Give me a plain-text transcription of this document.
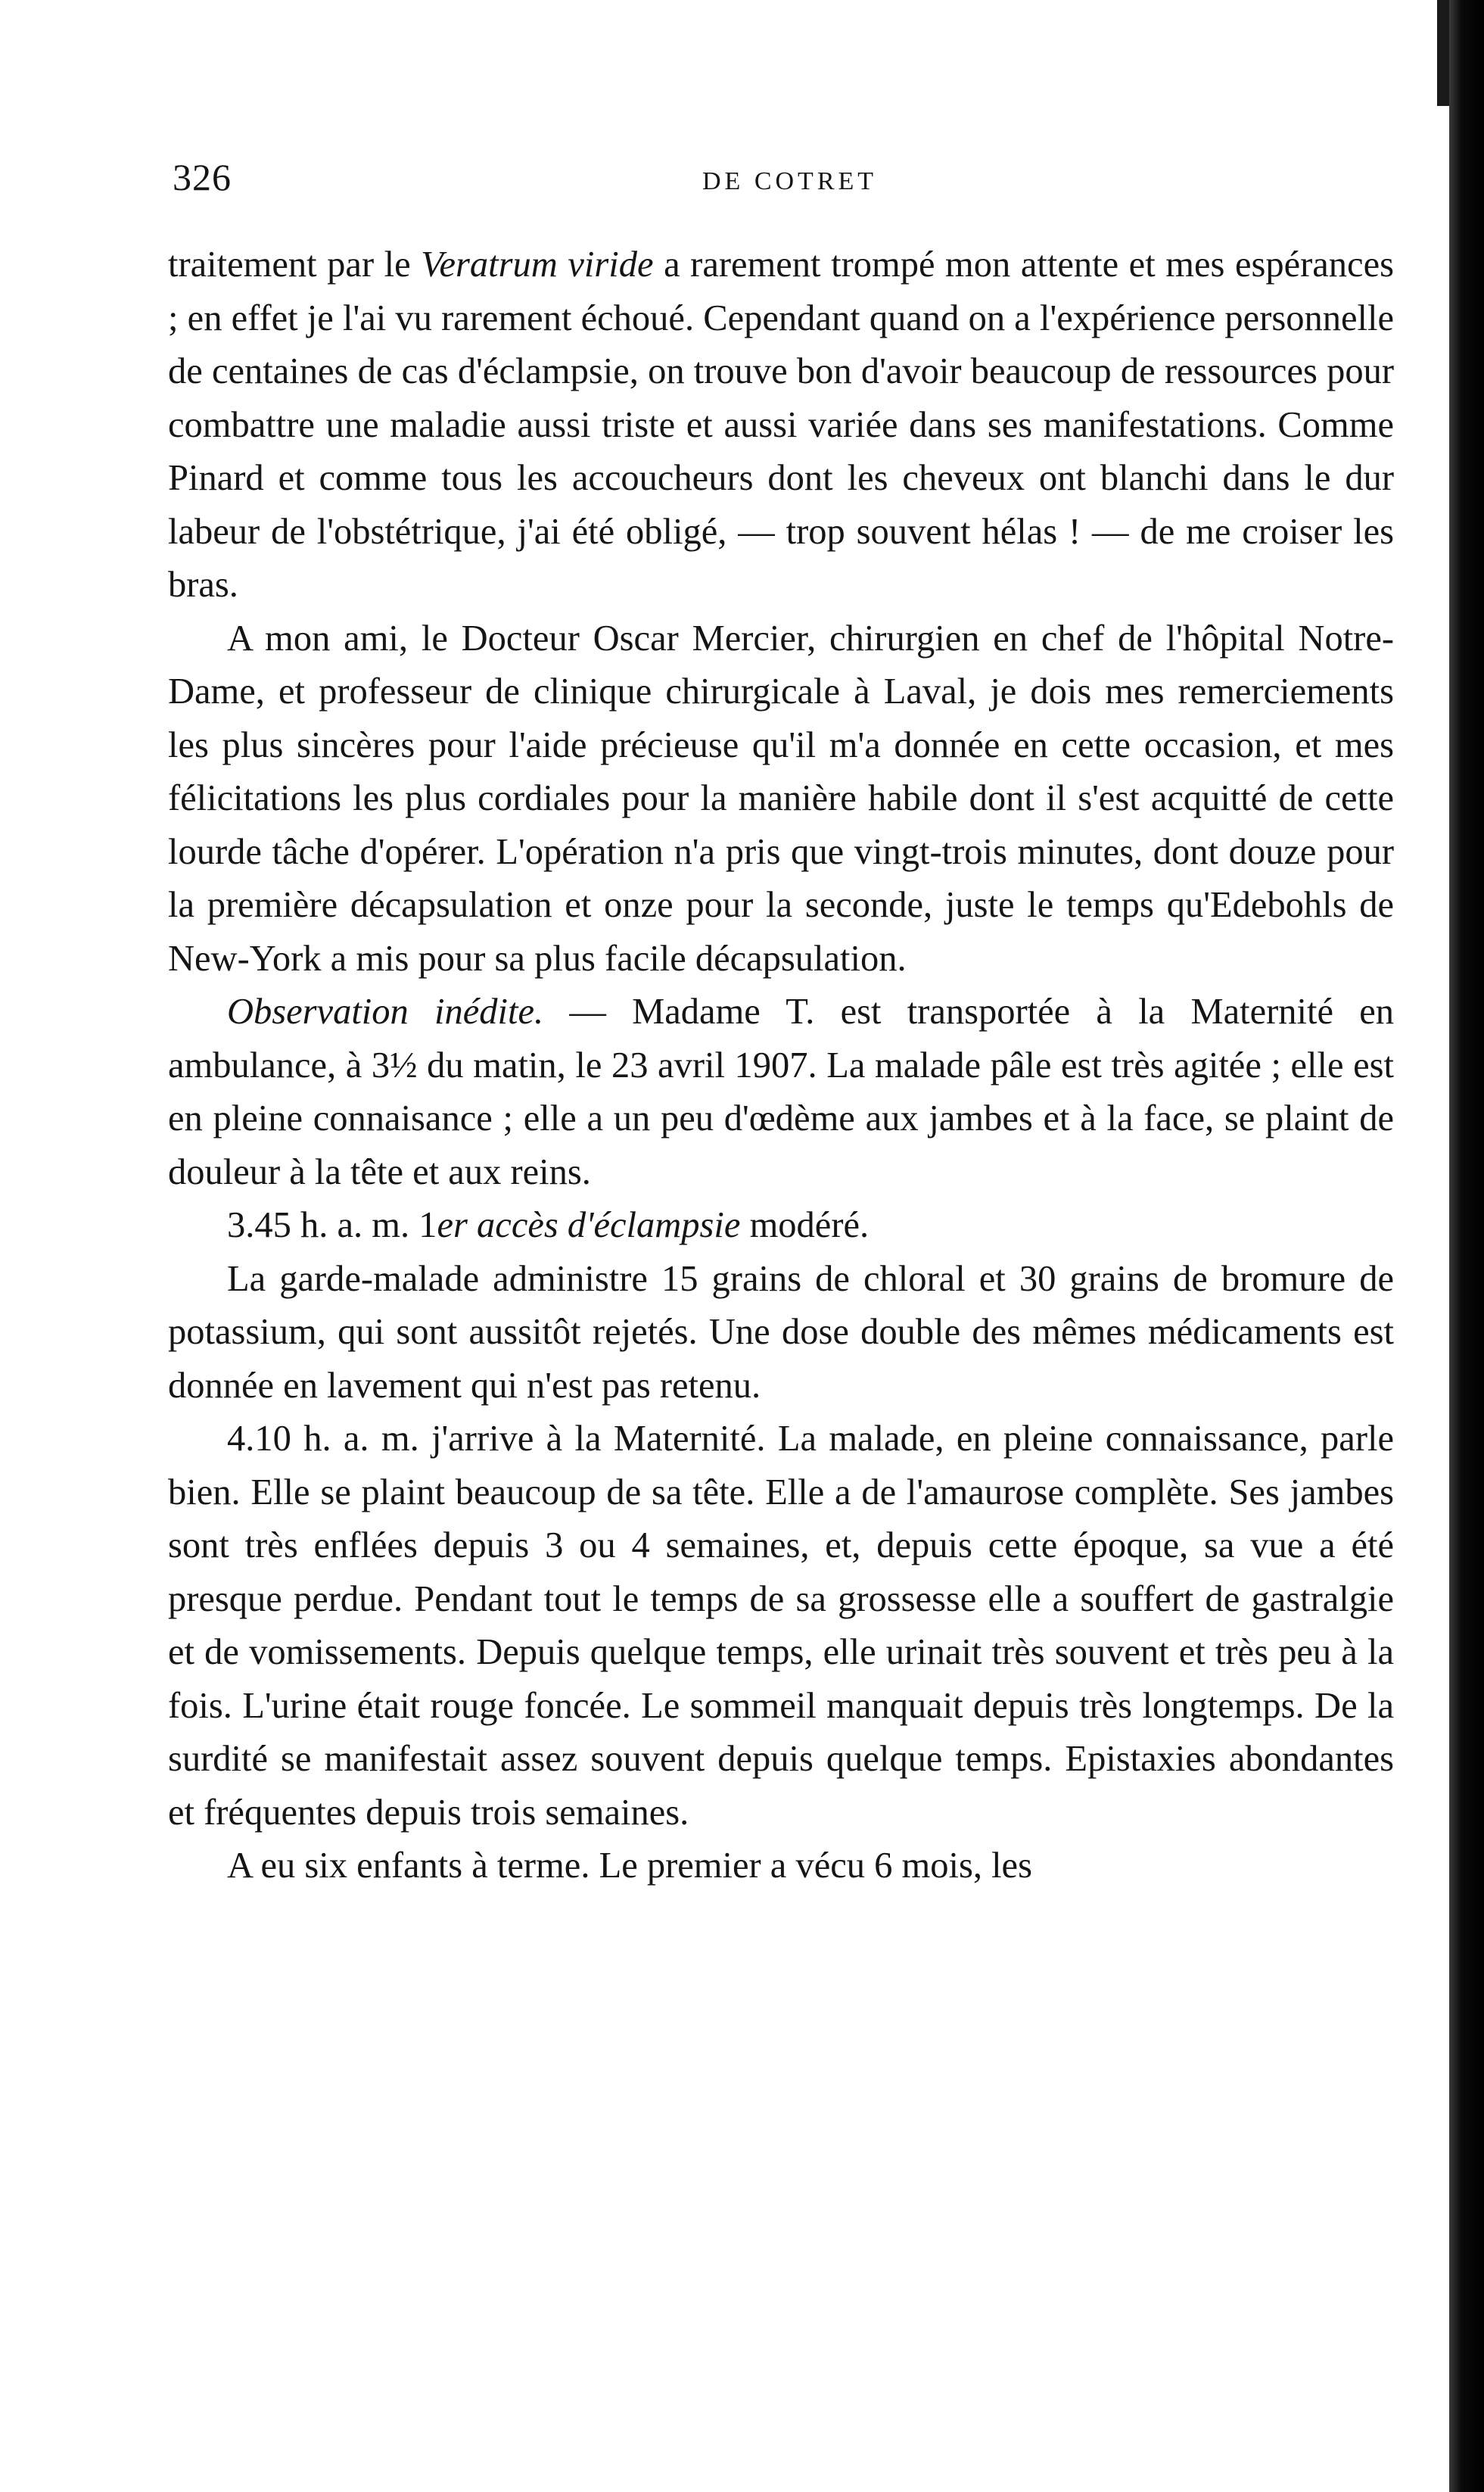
326	DE COTRET

traitement par le Veratrum viride a rarement trompé mon attente et mes espérances ; en effet je l'ai vu rarement échoué. Cependant quand on a l'expérience personnelle de centaines de cas d'éclampsie, on trouve bon d'avoir beaucoup de ressources pour combattre une maladie aussi triste et aussi variée dans ses manifestations. Comme Pinard et comme tous les accoucheurs dont les cheveux ont blanchi dans le dur labeur de l'obstétrique, j'ai été obligé, — trop souvent hélas ! — de me croiser les bras.

A mon ami, le Docteur Oscar Mercier, chirurgien en chef de l'hôpital Notre-Dame, et professeur de clinique chirurgicale à Laval, je dois mes remerciements les plus sincères pour l'aide précieuse qu'il m'a donnée en cette occasion, et mes félicitations les plus cordiales pour la manière habile dont il s'est acquitté de cette lourde tâche d'opérer. L'opération n'a pris que vingt-trois minutes, dont douze pour la première décapsulation et onze pour la seconde, juste le temps qu'Edebohls de New-York a mis pour sa plus facile décapsulation.

Observation inédite. — Madame T. est transportée à la Maternité en ambulance, à 3½ du matin, le 23 avril 1907. La malade pâle est très agitée ; elle est en pleine connaisance ; elle a un peu d'œdème aux jambes et à la face, se plaint de douleur à la tête et aux reins.

3.45 h. a. m. 1er accès d'éclampsie modéré.

La garde-malade administre 15 grains de chloral et 30 grains de bromure de potassium, qui sont aussitôt rejetés. Une dose double des mêmes médicaments est donnée en lavement qui n'est pas retenu.

4.10 h. a. m. j'arrive à la Maternité. La malade, en pleine connaissance, parle bien. Elle se plaint beaucoup de sa tête. Elle a de l'amaurose complète. Ses jambes sont très enflées depuis 3 ou 4 semaines, et, depuis cette époque, sa vue a été presque perdue. Pendant tout le temps de sa grossesse elle a souffert de gastralgie et de vomissements. Depuis quelque temps, elle urinait très souvent et très peu à la fois. L'urine était rouge foncée. Le sommeil manquait depuis très longtemps. De la surdité se manifestait assez souvent depuis quelque temps. Epistaxies abondantes et fréquentes depuis trois semaines.

A eu six enfants à terme. Le premier a vécu 6 mois, les
